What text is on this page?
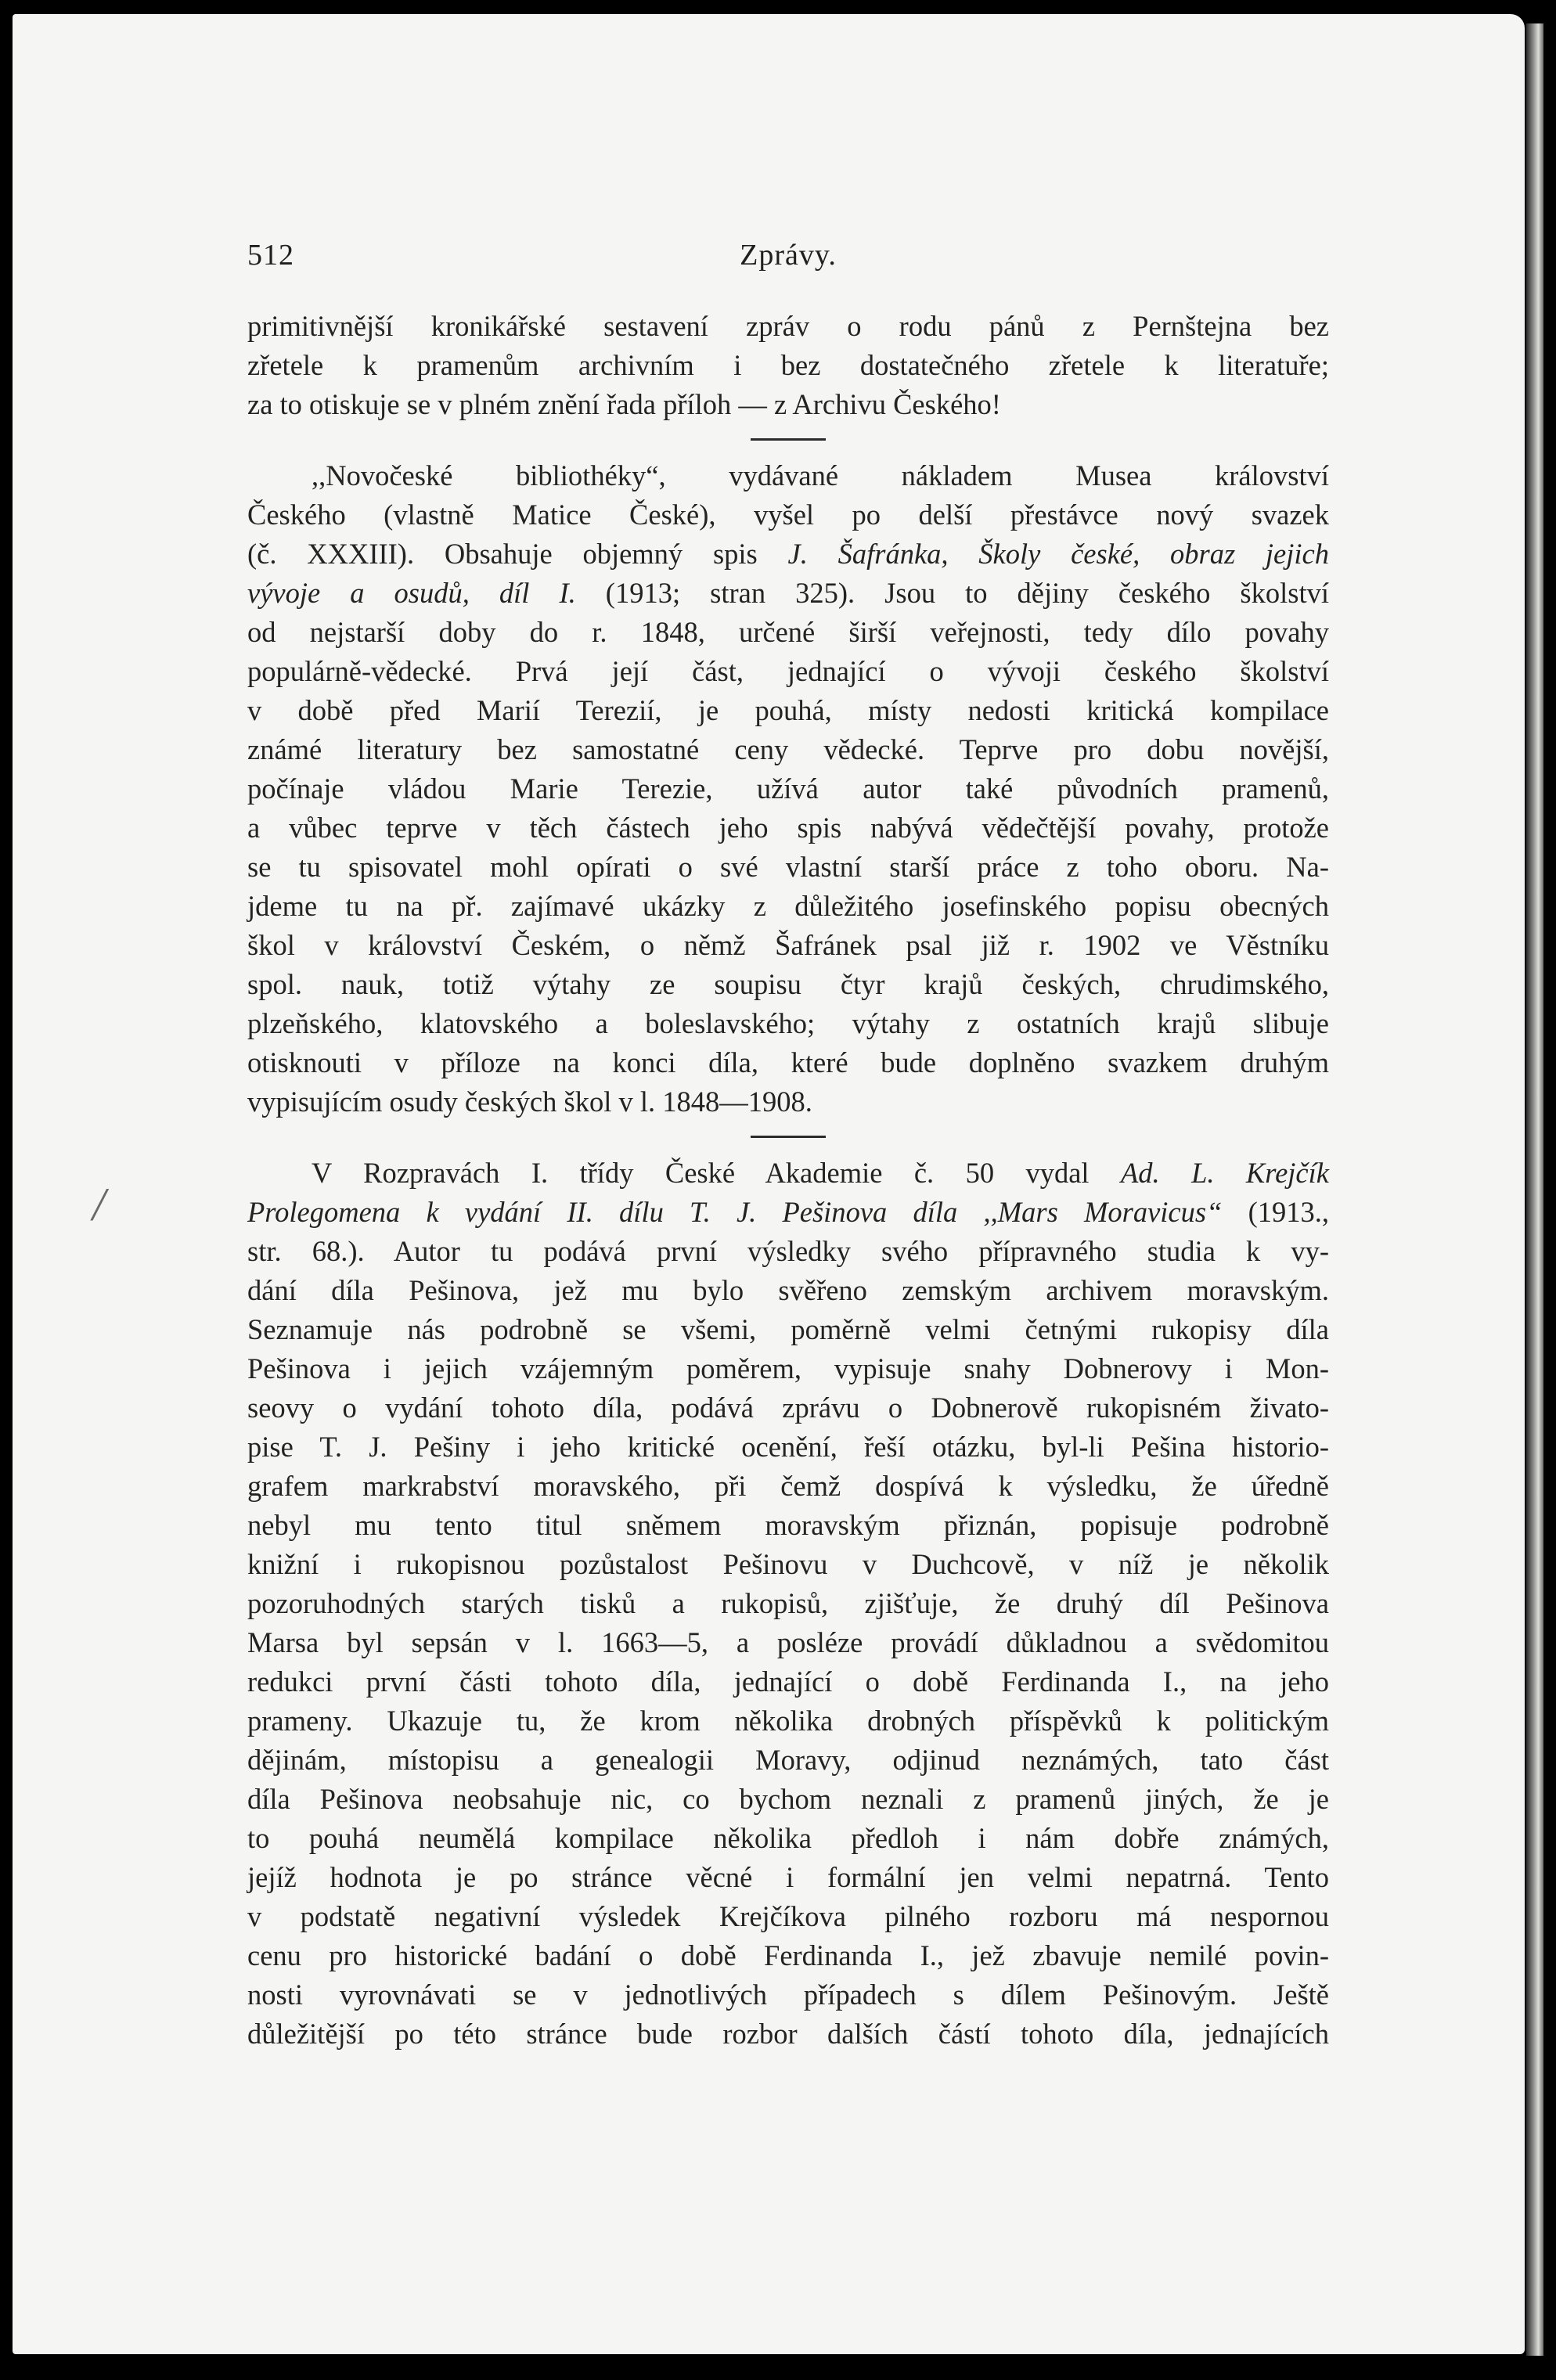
512	Zprávy.
primitivnější kronikářské sestavení zpráv o rodu pánů z Pernštejna bez
zřetele k pramenům archivním i bez dostatečného zřetele k literatuře;
za to otiskuje se v plném znění řada příloh — z Archivu Českého!
,,Novočeské bibliothéky“, vydávané nákladem Musea království
Českého (vlastně Matice České), vyšel po delší přestávce nový svazek
(č. XXXIII). Obsahuje objemný spis J. Šafránka, Školy české, obraz jejich
vývoje a osudů, díl I. (1913; stran 325). Jsou to dějiny českého školství
od nejstarší doby do r. 1848, určené širší veřejnosti, tedy dílo povahy
populárně-vědecké. Prvá její část, jednající o vývoji českého školství
v době před Marií Terezií, je pouhá, místy nedosti kritická kompilace
známé literatury bez samostatné ceny vědecké. Teprve pro dobu novější,
počínaje vládou Marie Terezie, užívá autor také původních pramenů,
a vůbec teprve v těch částech jeho spis nabývá vědečtější povahy, protože
se tu spisovatel mohl opírati o své vlastní starší práce z toho oboru. Na-
jdeme tu na př. zajímavé ukázky z důležitého josefinského popisu obecných
škol v království Českém, o němž Šafránek psal již r. 1902 ve Věstníku
spol. nauk, totiž výtahy ze soupisu čtyr krajů českých, chrudimského,
plzeňského, klatovského a boleslavského; výtahy z ostatních krajů slibuje
otisknouti v příloze na konci díla, které bude doplněno svazkem druhým
vypisujícím osudy českých škol v l. 1848—1908.
V Rozpravách I. třídy České Akademie č. 50 vydal Ad. L. Krejčík
Prolegomena k vydání II. dílu T. J. Pešinova díla ,,Mars Moravicus“ (1913.,
str. 68.). Autor tu podává první výsledky svého přípravného studia k vy-
dání díla Pešinova, jež mu bylo svěřeno zemským archivem moravským.
Seznamuje nás podrobně se všemi, poměrně velmi četnými rukopisy díla
Pešinova i jejich vzájemným poměrem, vypisuje snahy Dobnerovy i Mon-
seovy o vydání tohoto díla, podává zprávu o Dobnerově rukopisném živato-
pise T. J. Pešiny i jeho kritické ocenění, řeší otázku, byl-li Pešina historio-
grafem markrabství moravského, při čemž dospívá k výsledku, že úředně
nebyl mu tento titul sněmem moravským přiznán, popisuje podrobně
knižní i rukopisnou pozůstalost Pešinovu v Duchcově, v níž je několik
pozoruhodných starých tisků a rukopisů, zjišťuje, že druhý díl Pešinova
Marsa byl sepsán v l. 1663—5, a posléze provádí důkladnou a svědomitou
redukci první části tohoto díla, jednající o době Ferdinanda I., na jeho
prameny. Ukazuje tu, že krom několika drobných příspěvků k politickým
dějinám, místopisu a genealogii Moravy, odjinud neznámých, tato část
díla Pešinova neobsahuje nic, co bychom neznali z pramenů jiných, že je
to pouhá neumělá kompilace několika předloh i nám dobře známých,
jejíž hodnota je po stránce věcné i formální jen velmi nepatrná. Tento
v podstatě negativní výsledek Krejčíkova pilného rozboru má nespornou
cenu pro historické badání o době Ferdinanda I., jež zbavuje nemilé povin-
nosti vyrovnávati se v jednotlivých případech s dílem Pešinovým. Ještě
důležitější po této stránce bude rozbor dalších částí tohoto díla, jednajících
/
